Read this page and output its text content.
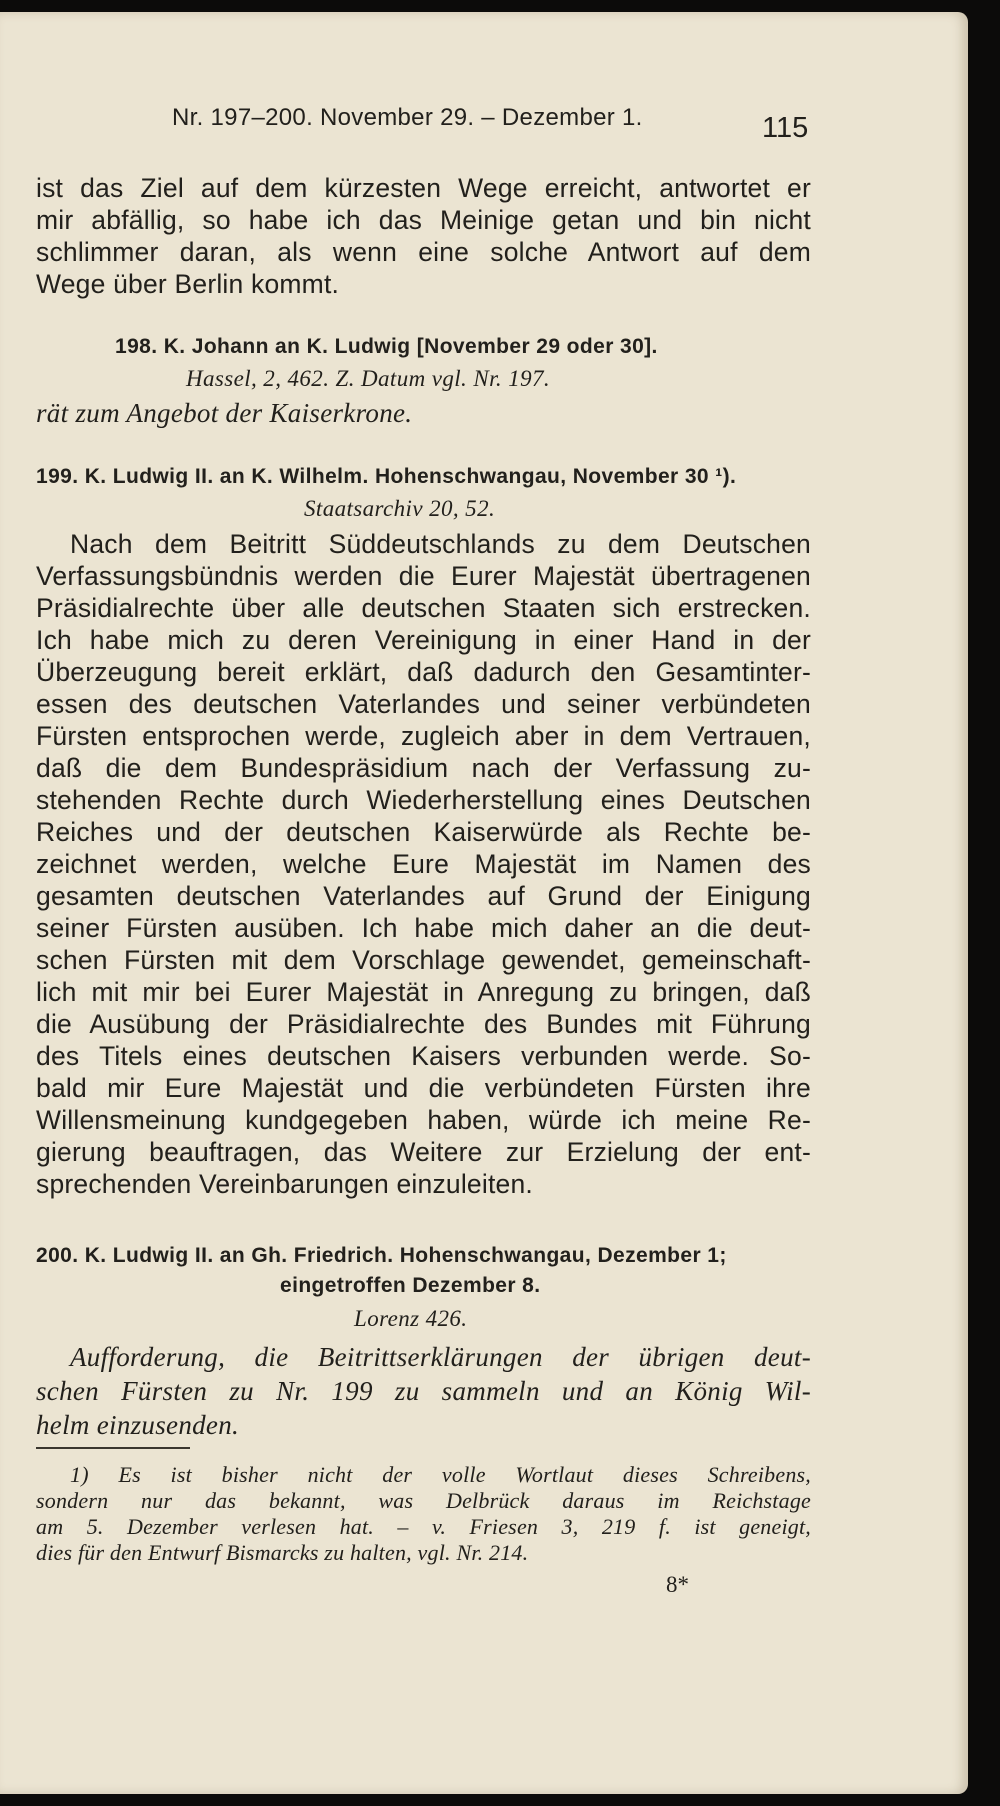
Nr. 197–200. November 29. – Dezember 1.	115
ist das Ziel auf dem kürzesten Wege erreicht, antwortet er
mir abfällig, so habe ich das Meinige getan und bin nicht
schlimmer daran, als wenn eine solche Antwort auf dem
Wege über Berlin kommt.
198. K. Johann an K. Ludwig [November 29 oder 30].
Hassel, 2, 462. Z. Datum vgl. Nr. 197.
rät zum Angebot der Kaiserkrone.
199. K. Ludwig II. an K. Wilhelm. Hohenschwangau, November 30 ¹).
Staatsarchiv 20, 52.
Nach dem Beitritt Süddeutschlands zu dem Deutschen
Verfassungsbündnis werden die Eurer Majestät übertragenen
Präsidialrechte über alle deutschen Staaten sich erstrecken.
Ich habe mich zu deren Vereinigung in einer Hand in der
Überzeugung bereit erklärt, daß dadurch den Gesamtinter-
essen des deutschen Vaterlandes und seiner verbündeten
Fürsten entsprochen werde, zugleich aber in dem Vertrauen,
daß die dem Bundespräsidium nach der Verfassung zu-
stehenden Rechte durch Wiederherstellung eines Deutschen
Reiches und der deutschen Kaiserwürde als Rechte be-
zeichnet werden, welche Eure Majestät im Namen des
gesamten deutschen Vaterlandes auf Grund der Einigung
seiner Fürsten ausüben. Ich habe mich daher an die deut-
schen Fürsten mit dem Vorschlage gewendet, gemeinschaft-
lich mit mir bei Eurer Majestät in Anregung zu bringen, daß
die Ausübung der Präsidialrechte des Bundes mit Führung
des Titels eines deutschen Kaisers verbunden werde. So-
bald mir Eure Majestät und die verbündeten Fürsten ihre
Willensmeinung kundgegeben haben, würde ich meine Re-
gierung beauftragen, das Weitere zur Erzielung der ent-
sprechenden Vereinbarungen einzuleiten.
200. K. Ludwig II. an Gh. Friedrich. Hohenschwangau, Dezember 1;
eingetroffen Dezember 8.
Lorenz 426.
Aufforderung, die Beitrittserklärungen der übrigen deut-
schen Fürsten zu Nr. 199 zu sammeln und an König Wil-
helm einzusenden.
1) Es ist bisher nicht der volle Wortlaut dieses Schreibens,
sondern nur das bekannt, was Delbrück daraus im Reichstage
am 5. Dezember verlesen hat. – v. Friesen 3, 219 f. ist geneigt,
dies für den Entwurf Bismarcks zu halten, vgl. Nr. 214.
8*
